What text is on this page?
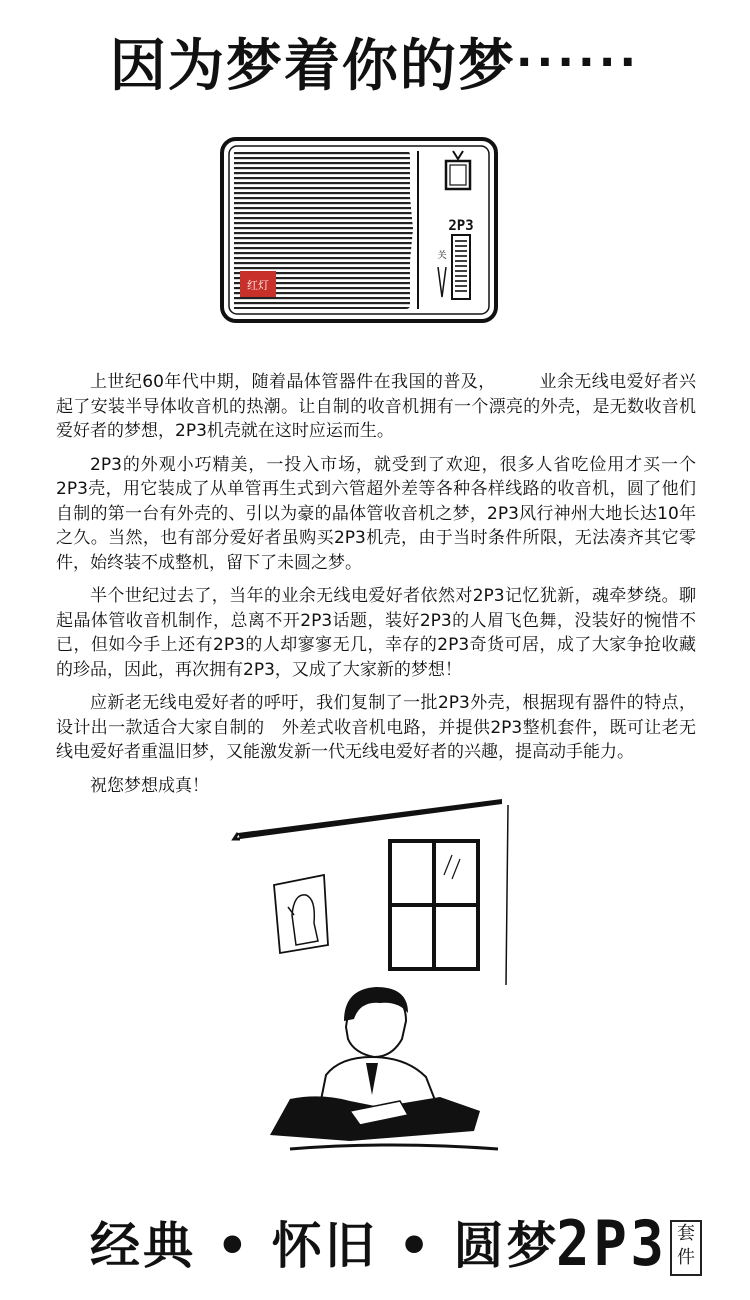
因为梦着你的梦······
红灯
2P3
关

上世纪60年代中期，随着晶体管器件在我国的普及，　　　业余无线电爱好者兴起了安装半导体收音机的热潮。让自制的收音机拥有一个漂亮的外壳，是无数收音机爱好者的梦想，2P3机壳就在这时应运而生。

2P3的外观小巧精美，一投入市场，就受到了欢迎，很多人省吃俭用才买一个2P3壳，用它装成了从单管再生式到六管超外差等各种各样线路的收音机，圆了他们自制的第一台有外壳的、引以为豪的晶体管收音机之梦，2P3风行神州大地长达10年之久。当然，也有部分爱好者虽购买2P3机壳，由于当时条件所限，无法凑齐其它零件，始终装不成整机，留下了未圆之梦。

半个世纪过去了，当年的业余无线电爱好者依然对2P3记忆犹新，魂牵梦绕。聊起晶体管收音机制作，总离不开2P3话题，装好2P3的人眉飞色舞，没装好的惋惜不已，但如今手上还有2P3的人却寥寥无几，幸存的2P3奇货可居，成了大家争抢收藏的珍品，因此，再次拥有2P3，又成了大家新的梦想！

应新老无线电爱好者的呼吁，我们复制了一批2P3外壳，根据现有器件的特点，设计出一款适合大家自制的　外差式收音机电路，并提供2P3整机套件，既可让老无线电爱好者重温旧梦，又能激发新一代无线电爱好者的兴趣，提高动手能力。

祝您梦想成真！

经典 • 怀旧 • 圆梦
2P3 套
件
